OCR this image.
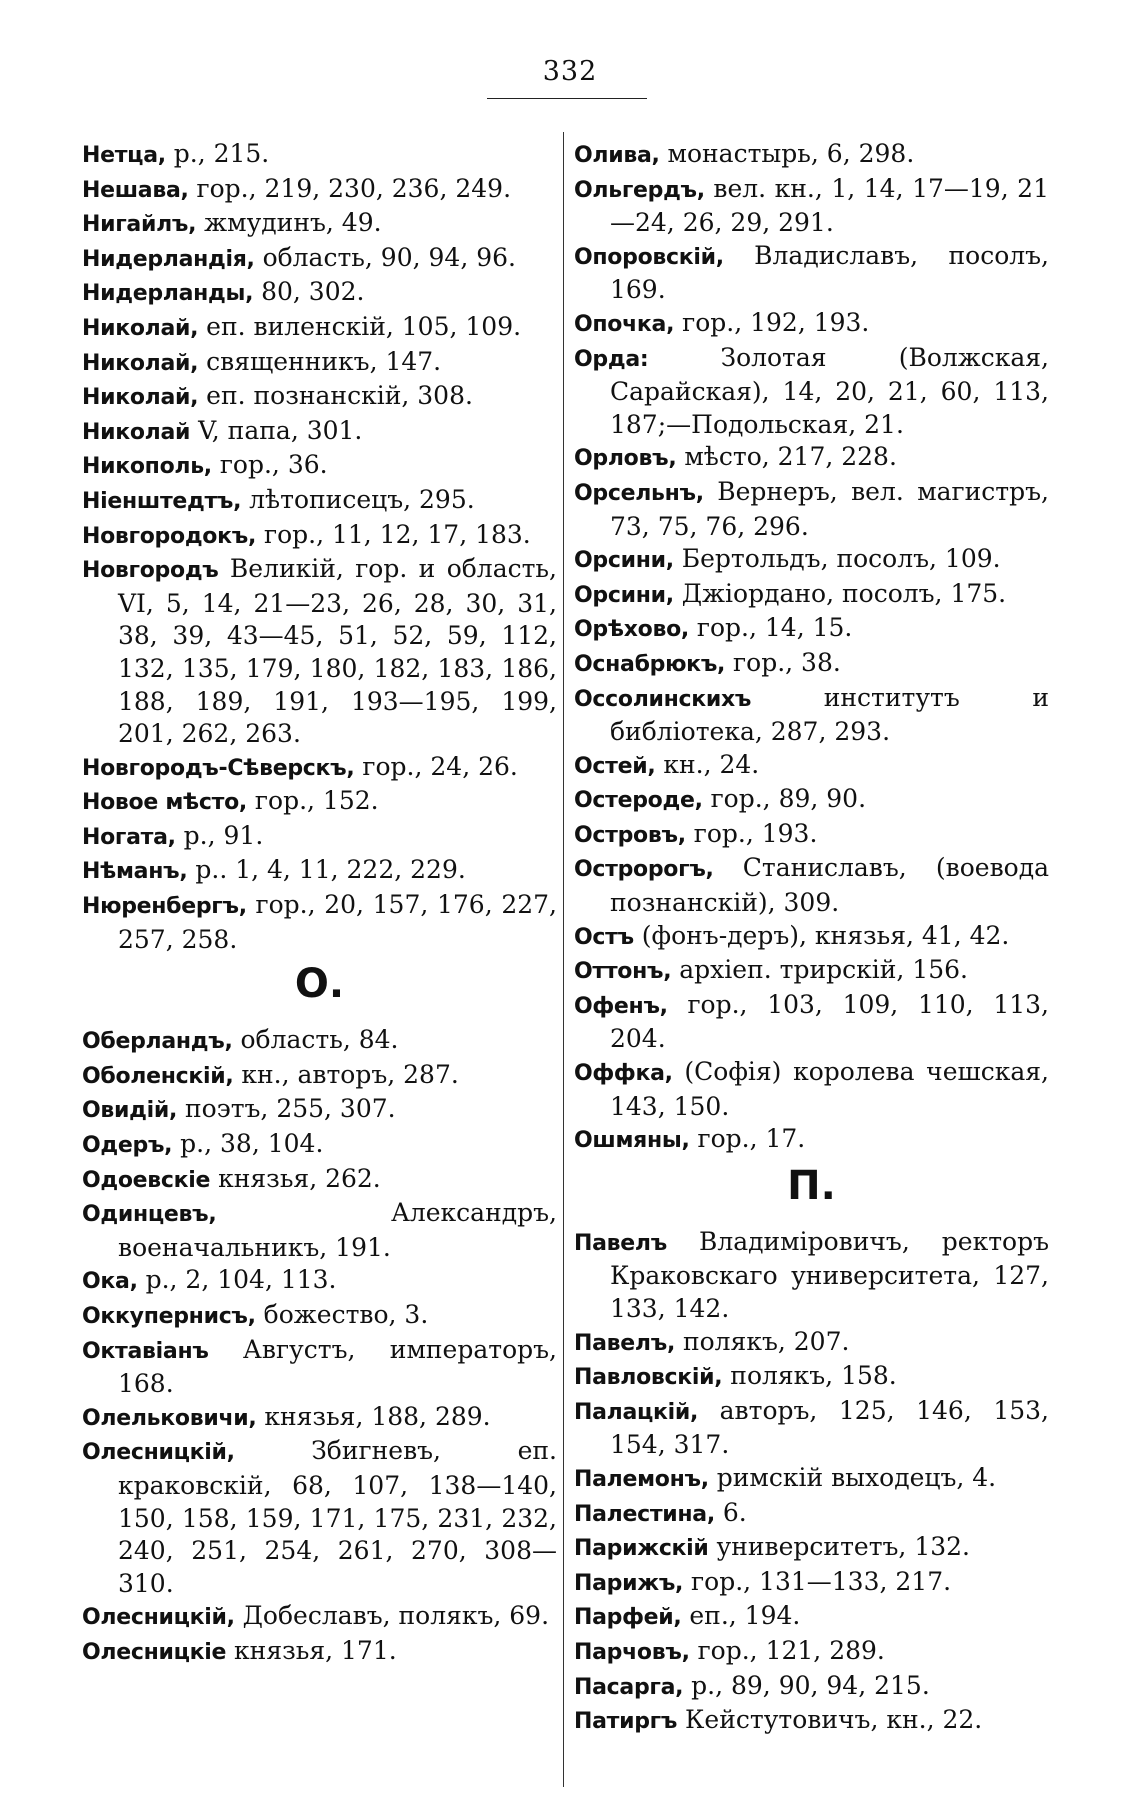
332
Нетца, р., 215.
Нешава, гор., 219, 230, 236, 249.
Нигайлъ, жмудинъ, 49.
Нидерландія, область, 90, 94, 96.
Нидерланды, 80, 302.
Николай, еп. виленскій, 105, 109.
Николай, священникъ, 147.
Николай, еп. познанскій, 308.
Николай V, папа, 301.
Никополь, гор., 36.
Ніенштедтъ, лѣтописецъ, 295.
Новгородокъ, гор., 11, 12, 17, 183.
Новгородъ Великій, гор. и область, VI, 5, 14, 21—23, 26, 28, 30, 31, 38, 39, 43—45, 51, 52, 59, 112, 132, 135, 179, 180, 182, 183, 186, 188, 189, 191, 193—195, 199, 201, 262, 263.
Новгородъ-Сѣверскъ, гор., 24, 26.
Новое мѣсто, гор., 152.
Ногата, р., 91.
Нѣманъ, р.. 1, 4, 11, 222, 229.
Нюренбергъ, гор., 20, 157, 176, 227, 257, 258.
О.
Оберландъ, область, 84.
Оболенскій, кн., авторъ, 287.
Овидій, поэтъ, 255, 307.
Одеръ, р., 38, 104.
Одоевскіе князья, 262.
Одинцевъ, Александръ, военачальникъ, 191.
Ока, р., 2, 104, 113.
Оккупернисъ, божество, 3.
Октавіанъ Августъ, императоръ, 168.
Олельковичи, князья, 188, 289.
Олесницкій, Збигневъ, еп. краковскій, 68, 107, 138—140, 150, 158, 159, 171, 175, 231, 232, 240, 251, 254, 261, 270, 308—310.
Олесницкій, Добеславъ, полякъ, 69.
Олесницкіе князья, 171.
Олива, монастырь, 6, 298.
Ольгердъ, вел. кн., 1, 14, 17—19, 21—24, 26, 29, 291.
Опоровскій, Владиславъ, посолъ, 169.
Опочка, гор., 192, 193.
Орда: Золотая (Волжская, Сарайская), 14, 20, 21, 60, 113, 187;—Подольская, 21.
Орловъ, мѣсто, 217, 228.
Орсельнъ, Вернеръ, вел. магистръ, 73, 75, 76, 296.
Орсини, Бертольдъ, посолъ, 109.
Орсини, Джіордано, посолъ, 175.
Орѣхово, гор., 14, 15.
Оснабрюкъ, гор., 38.
Оссолинскихъ институтъ и библіотека, 287, 293.
Остей, кн., 24.
Остероде, гор., 89, 90.
Островъ, гор., 193.
Остророгъ, Станиславъ, (воевода познанскій), 309.
Остъ (фонъ-деръ), князья, 41, 42.
Оттонъ, архіеп. трирскій, 156.
Офенъ, гор., 103, 109, 110, 113, 204.
Оффка, (Софія) королева чешская, 143, 150.
Ошмяны, гор., 17.
П.
Павелъ Владиміровичъ, ректоръ Краковскаго университета, 127, 133, 142.
Павелъ, полякъ, 207.
Павловскій, полякъ, 158.
Палацкій, авторъ, 125, 146, 153, 154, 317.
Палемонъ, римскій выходецъ, 4.
Палестина, 6.
Парижскій университетъ, 132.
Парижъ, гор., 131—133, 217.
Парфей, еп., 194.
Парчовъ, гор., 121, 289.
Пасарга, р., 89, 90, 94, 215.
Патиргъ Кейстутовичъ, кн., 22.
